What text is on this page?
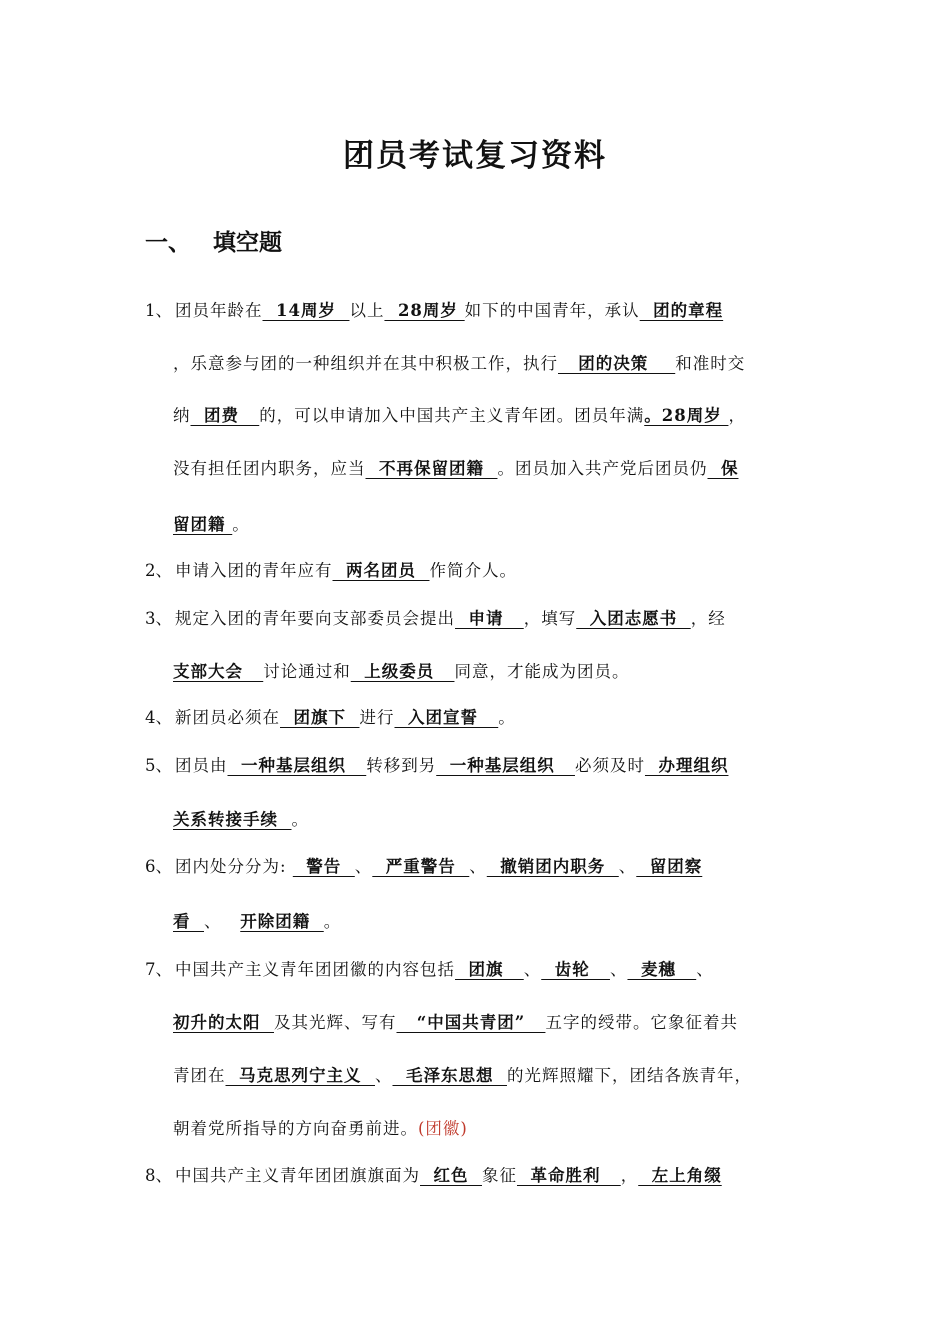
团员考试复习资料
一、 填空题
1、 团员年龄在  14周岁  以上  28周岁 如下的中国青年，承认  团的章程
，乐意参与团的一种组织并在其中积极工作，执行   团的决策    和准时交
纳  团费   的，可以申请加入中国共产主义青年团。团员年满。28周岁 ，
没有担任团内职务，应当  不再保留团籍  。团员加入共产党后团员仍  保
留团籍 。
2、 申请入团的青年应有  两名团员  作简介人。
3、 规定入团的青年要向支部委员会提出  申请   ，填写  入团志愿书  ，经
支部大会   讨论通过和  上级委员   同意，才能成为团员。
4、 新团员必须在  团旗下  进行  入团宣誓   。
5、 团员由  一种基层组织   转移到另  一种基层组织   必须及时  办理组织
关系转接手续  。
6、 团内处分分为:   警告  、  严重警告  、  撤销团内职务  、  留团察
看  、   开除团籍  。
7、 中国共产主义青年团团徽的内容包括  团旗   、  齿轮   、  麦穗   、
初升的太阳  及其光辉、写有   “中国共青团”   五字的绶带。它象征着共
青团在  马克思列宁主义  、  毛泽东思想  的光辉照耀下，团结各族青年，
朝着党所指导的方向奋勇前进。(团徽)
8、 中国共产主义青年团团旗旗面为  红色  象征  革命胜利   ，  左上角缀
